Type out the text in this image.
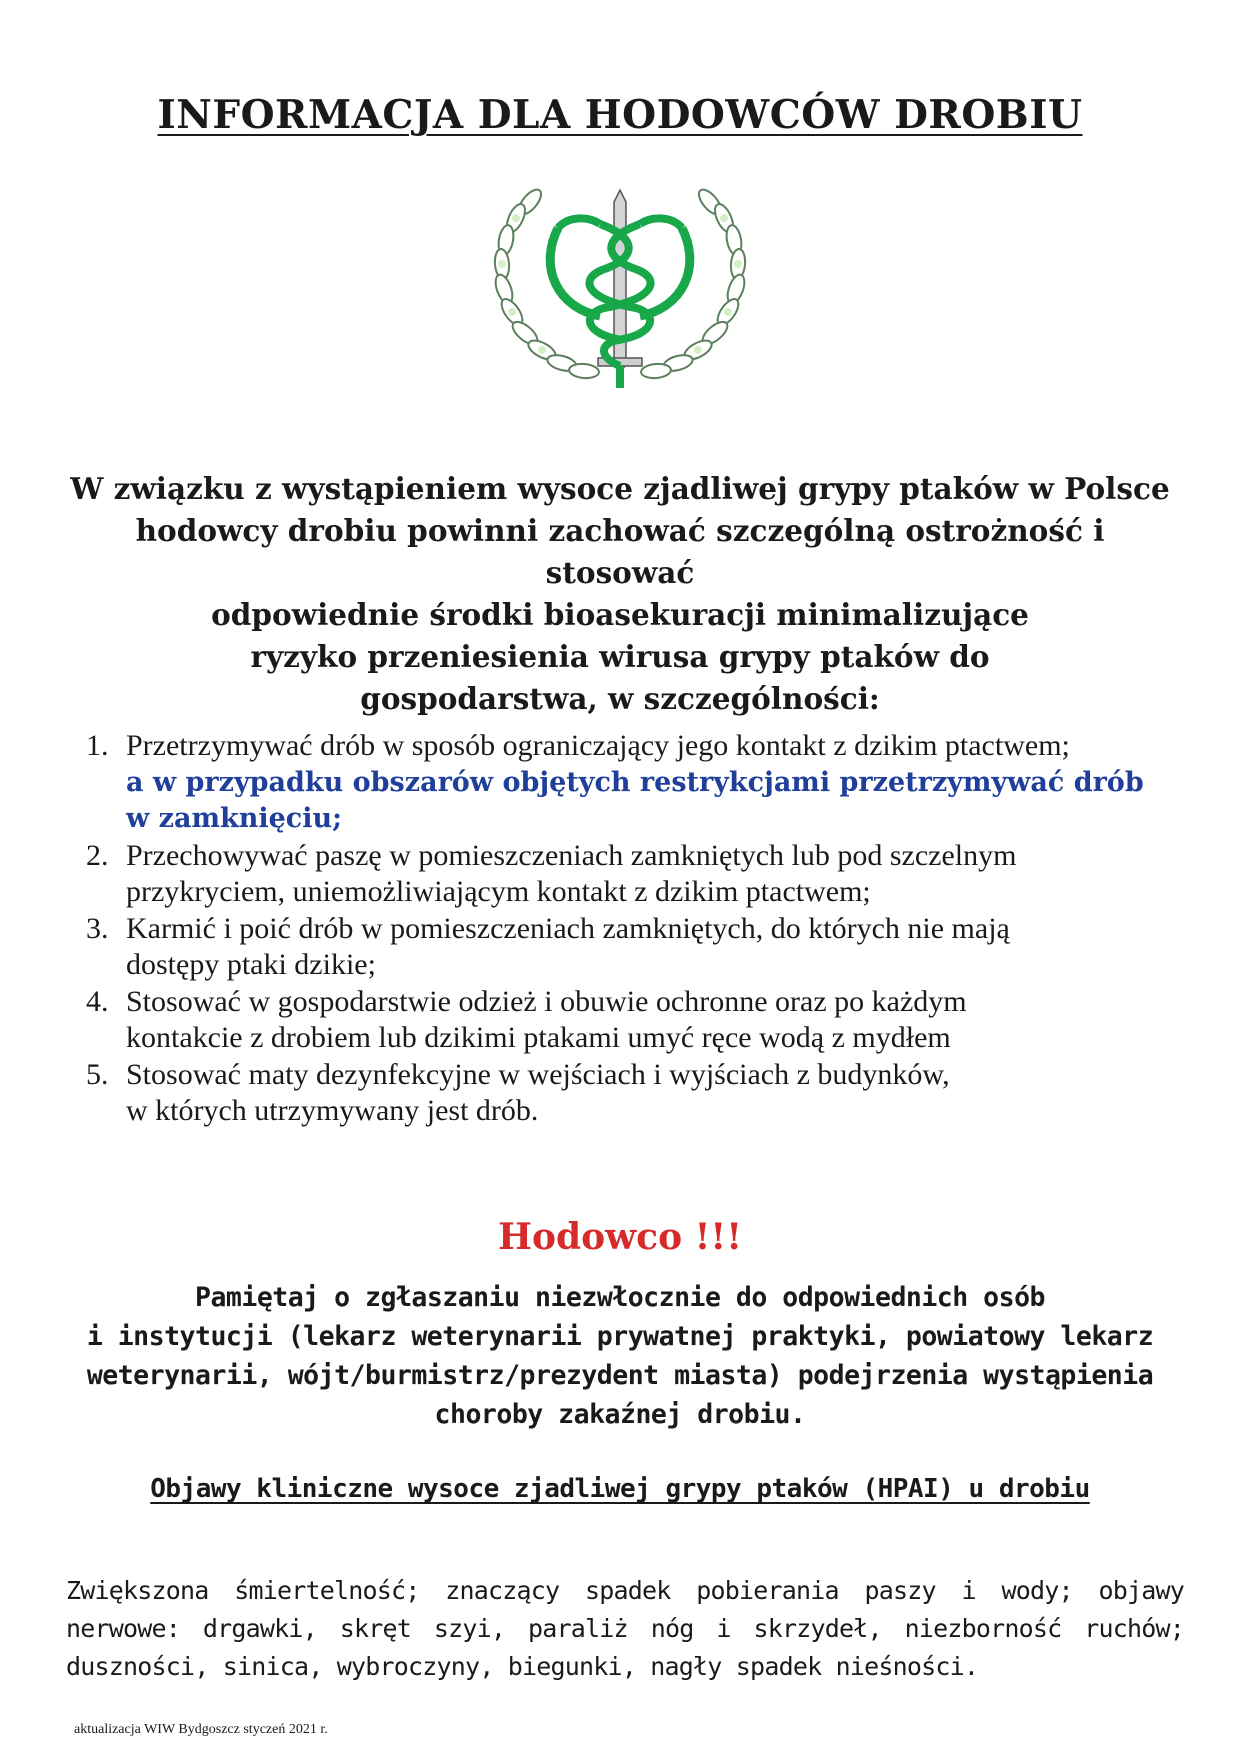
INFORMACJA DLA HODOWCÓW DROBIU
W związku z wystąpieniem wysoce zjadliwej grypy ptaków w Polsce
hodowcy drobiu powinni zachować szczególną ostrożność i stosować
odpowiednie środki bioasekuracji minimalizujące
ryzyko przeniesienia wirusa grypy ptaków do
gospodarstwa, w szczególności:
1. Przetrzymywać drób w sposób ograniczający jego kontakt z dzikim ptactwem;
a w przypadku obszarów objętych restrykcjami przetrzymywać drób
w zamknięciu;
2. Przechowywać paszę w pomieszczeniach zamkniętych lub pod szczelnym
przykryciem, uniemożliwiającym kontakt z dzikim ptactwem;
3. Karmić i poić drób w pomieszczeniach zamkniętych, do których nie mają
dostępy ptaki dzikie;
4. Stosować w gospodarstwie odzież i obuwie ochronne oraz po każdym
kontakcie z drobiem lub dzikimi ptakami umyć ręce wodą z mydłem
5. Stosować maty dezynfekcyjne w wejściach i wyjściach z budynków,
w których utrzymywany jest drób.
Hodowco !!!
Pamiętaj o zgłaszaniu niezwłocznie do odpowiednich osób
i instytucji (lekarz weterynarii prywatnej praktyki, powiatowy lekarz
weterynarii, wójt/burmistrz/prezydent miasta) podejrzenia wystąpienia
choroby zakaźnej drobiu.
Objawy kliniczne wysoce zjadliwej grypy ptaków (HPAI) u drobiu
Zwiększona śmiertelność; znaczący spadek pobierania paszy i wody; objawy nerwowe: drgawki, skręt szyi, paraliż nóg i skrzydeł, niezborność ruchów; duszności, sinica, wybroczyny, biegunki, nagły spadek nieśności.
aktualizacja WIW Bydgoszcz styczeń 2021 r.
